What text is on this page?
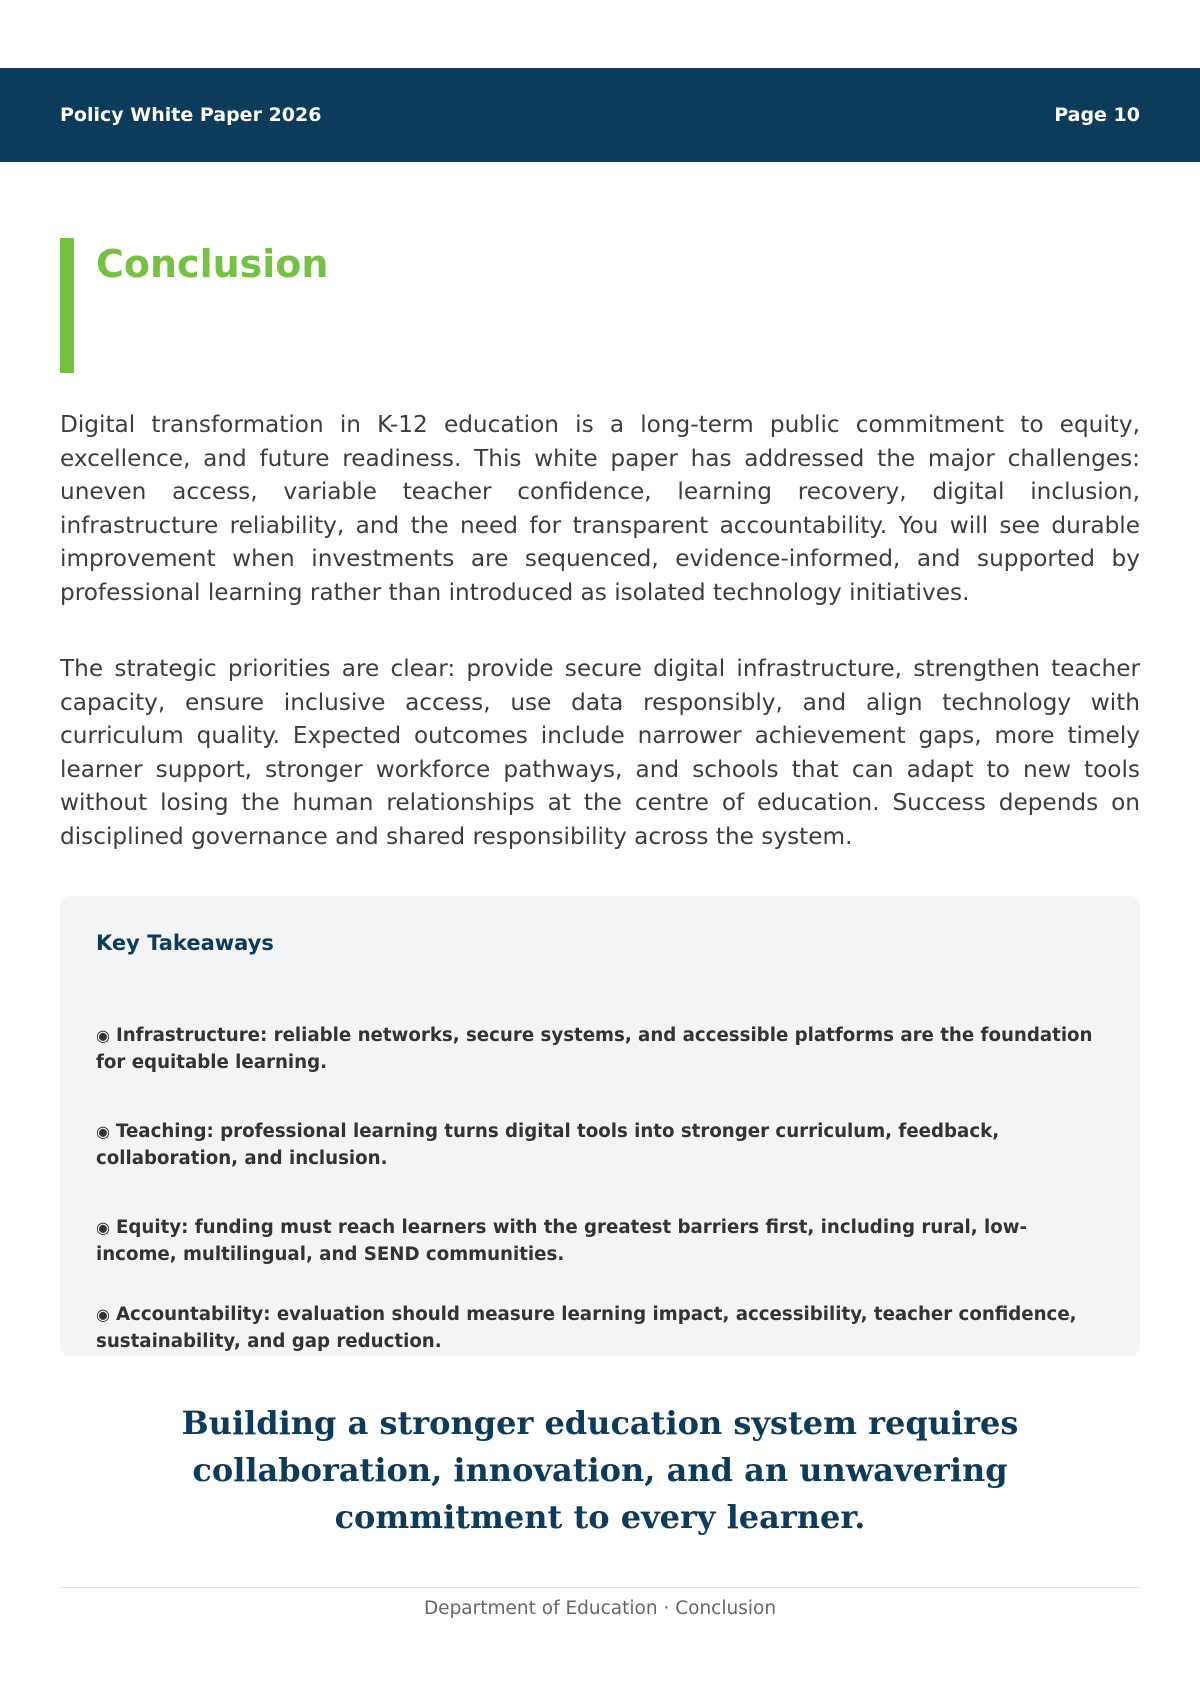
Policy White Paper 2026	Page 10
Conclusion

Digital transformation in K-12 education is a long-term public commitment to equity, excellence, and future readiness. This white paper has addressed the major challenges: uneven access, variable teacher confidence, learning recovery, digital inclusion, infrastructure reliability, and the need for transparent accountability. You will see durable improvement when investments are sequenced, evidence-informed, and supported by professional learning rather than introduced as isolated technology initiatives.

The strategic priorities are clear: provide secure digital infrastructure, strengthen teacher capacity, ensure inclusive access, use data responsibly, and align technology with curriculum quality. Expected outcomes include narrower achievement gaps, more timely learner support, stronger workforce pathways, and schools that can adapt to new tools without losing the human relationships at the centre of education. Success depends on disciplined governance and shared responsibility across the system.

Key Takeaways
◉ Infrastructure: reliable networks, secure systems, and accessible platforms are the foundation for equitable learning.
◉ Teaching: professional learning turns digital tools into stronger curriculum, feedback, collaboration, and inclusion.
◉ Equity: funding must reach learners with the greatest barriers first, including rural, low-income, multilingual, and SEND communities.
◉ Accountability: evaluation should measure learning impact, accessibility, teacher confidence, sustainability, and gap reduction.

Building a stronger education system requires collaboration, innovation, and an unwavering commitment to every learner.

Department of Education · Conclusion
